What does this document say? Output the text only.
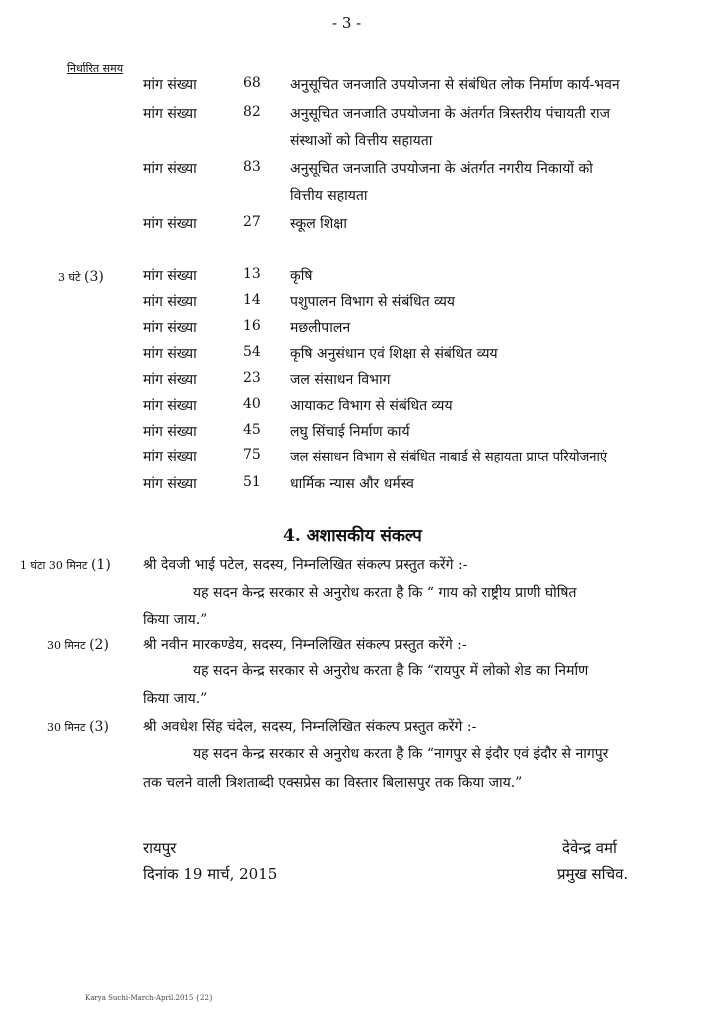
- 3 -
निर्धारित समय
मांग संख्या	68 अनुसूचित जनजाति उपयोजना से संबंधित लोक निर्माण कार्य-भवन
मांग संख्या	82 अनुसूचित जनजाति उपयोजना के अंतर्गत त्रिस्तरीय पंचायती राज
संस्थाओं को वित्तीय सहायता
मांग संख्या	83 अनुसूचित जनजाति उपयोजना के अंतर्गत नगरीय निकायों को
वित्तीय सहायता
मांग संख्या	27 स्कूल शिक्षा
3 घंटे (3)	मांग संख्या	13 कृषि
मांग संख्या	14 पशुपालन विभाग से संबंधित व्यय
मांग संख्या	16 मछलीपालन
मांग संख्या	54 कृषि अनुसंधान एवं शिक्षा से संबंधित व्यय
मांग संख्या	23 जल संसाधन विभाग
मांग संख्या	40 आयाकट विभाग से संबंधित व्यय
मांग संख्या	45 लघु सिंचाई निर्माण कार्य
मांग संख्या	75 जल संसाधन विभाग से संबंधित नाबार्ड से सहायता प्राप्त परियोजनाएं
मांग संख्या	51 धार्मिक न्यास और धर्मस्व
4. अशासकीय संकल्प
1 घंटा 30 मिनट (1) श्री देवजी भाई पटेल, सदस्य, निम्नलिखित संकल्प प्रस्तुत करेंगे :-
यह सदन केन्द्र सरकार से अनुरोध करता है कि “ गाय को राष्ट्रीय प्राणी घोषित
किया जाय.”
30 मिनट (2) श्री नवीन मारकण्डेय, सदस्य, निम्नलिखित संकल्प प्रस्तुत करेंगे :-
यह सदन केन्द्र सरकार से अनुरोध करता है कि “रायपुर में लोको शेड का निर्माण
किया जाय.”
30 मिनट (3) श्री अवधेश सिंह चंदेल, सदस्य, निम्नलिखित संकल्प प्रस्तुत करेंगे :-
यह सदन केन्द्र सरकार से अनुरोध करता है कि “नागपुर से इंदौर एवं इंदौर से नागपुर
तक चलने वाली त्रिशताब्दी एक्सप्रेस का विस्तार बिलासपुर तक किया जाय.”
रायपुर
दिनांक 19 मार्च, 2015
देवेन्द्र वर्मा
प्रमुख सचिव.
Karya Suchi-March-April.2015 {22}
